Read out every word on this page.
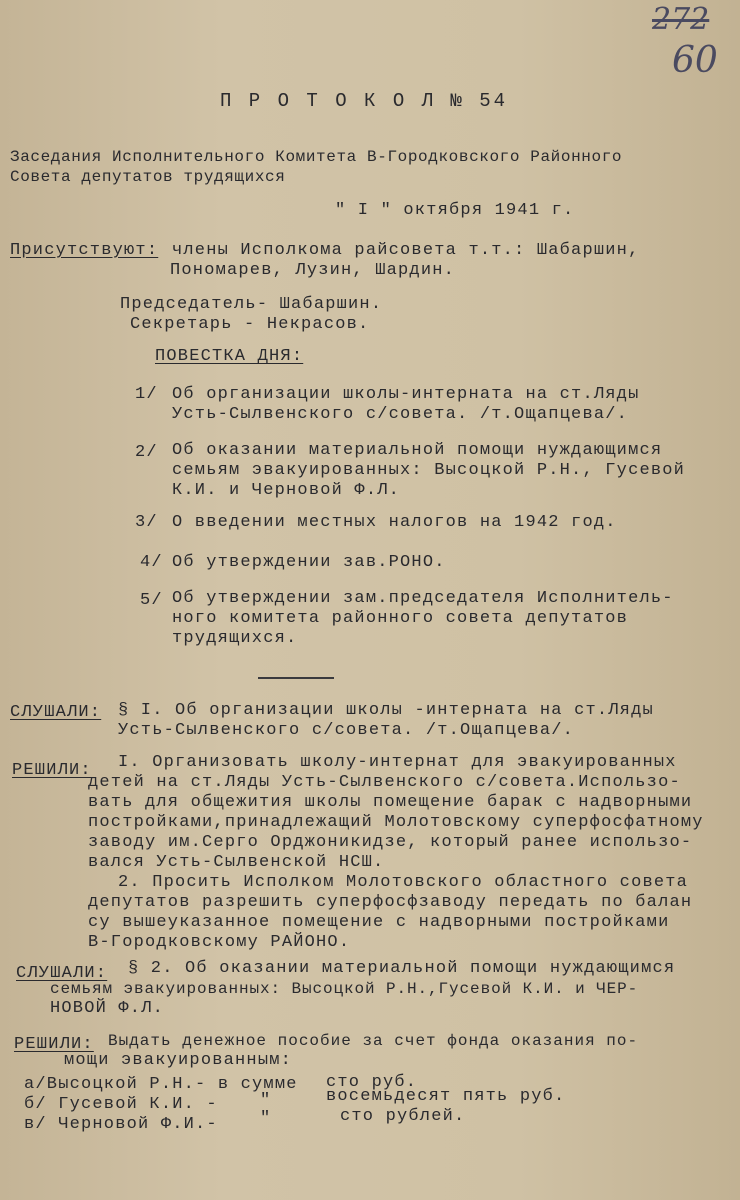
272
60
П Р О Т О К О Л № 54
Заседания Исполнительного Комитета В-Городковского Районного
Совета депутатов трудящихся
" I " октября 1941 г.
Присутствуют: члены Исполкома райсовета т.т.: Шабаршин,
Пономарев, Лузин, Шардин.
Председатель- Шабаршин.
Секретарь - Некрасов.
ПОВЕСТКА ДНЯ:
1/ Об организации школы-интерната на ст.Ляды
Усть-Сылвенского с/совета. /т.Ощапцева/.
2/ Об оказании материальной помощи нуждающимся
семьям эвакуированных: Высоцкой Р.Н., Гусевой
К.И. и Черновой Ф.Л.
3/ О введении местных налогов на 1942 год.
4/ Об утверждении зав.РОНО.
5/ Об утверждении зам.председателя Исполнитель-
ного комитета районного совета депутатов
трудящихся.
СЛУШАЛИ: § I. Об организации школы -интерната на ст.Ляды
Усть-Сылвенского с/совета. /т.Ощапцева/.
РЕШИЛИ: I. Организовать школу-интернат для эвакуированных
детей на ст.Ляды Усть-Сылвенского с/совета.Использо-
вать для общежития школы помещение барак с надворными
постройками,принадлежащий Молотовскому суперфосфатному
заводу им.Серго Орджоникидзе, который ранее использо-
вался Усть-Сылвенской НСШ.
2. Просить Исполком Молотовского областного совета
депутатов разрешить суперфосфзаводу передать по балан
су вышеуказанное помещение с надворными постройками
В-Городковскому РАЙОНО.
СЛУШАЛИ: § 2. Об оказании материальной помощи нуждающимся
семьям эвакуированных: Высоцкой Р.Н.,Гусевой К.И. и ЧЕР-
НОВОЙ Ф.Л.
РЕШИЛИ: Выдать денежное пособие за счет фонда оказания по-
мощи эвакуированным:
а/Высоцкой Р.Н.- в сумме сто руб.
б/ Гусевой К.И. - "	восемьдесят пять руб.
в/ Черновой Ф.И.- "	сто рублей.
